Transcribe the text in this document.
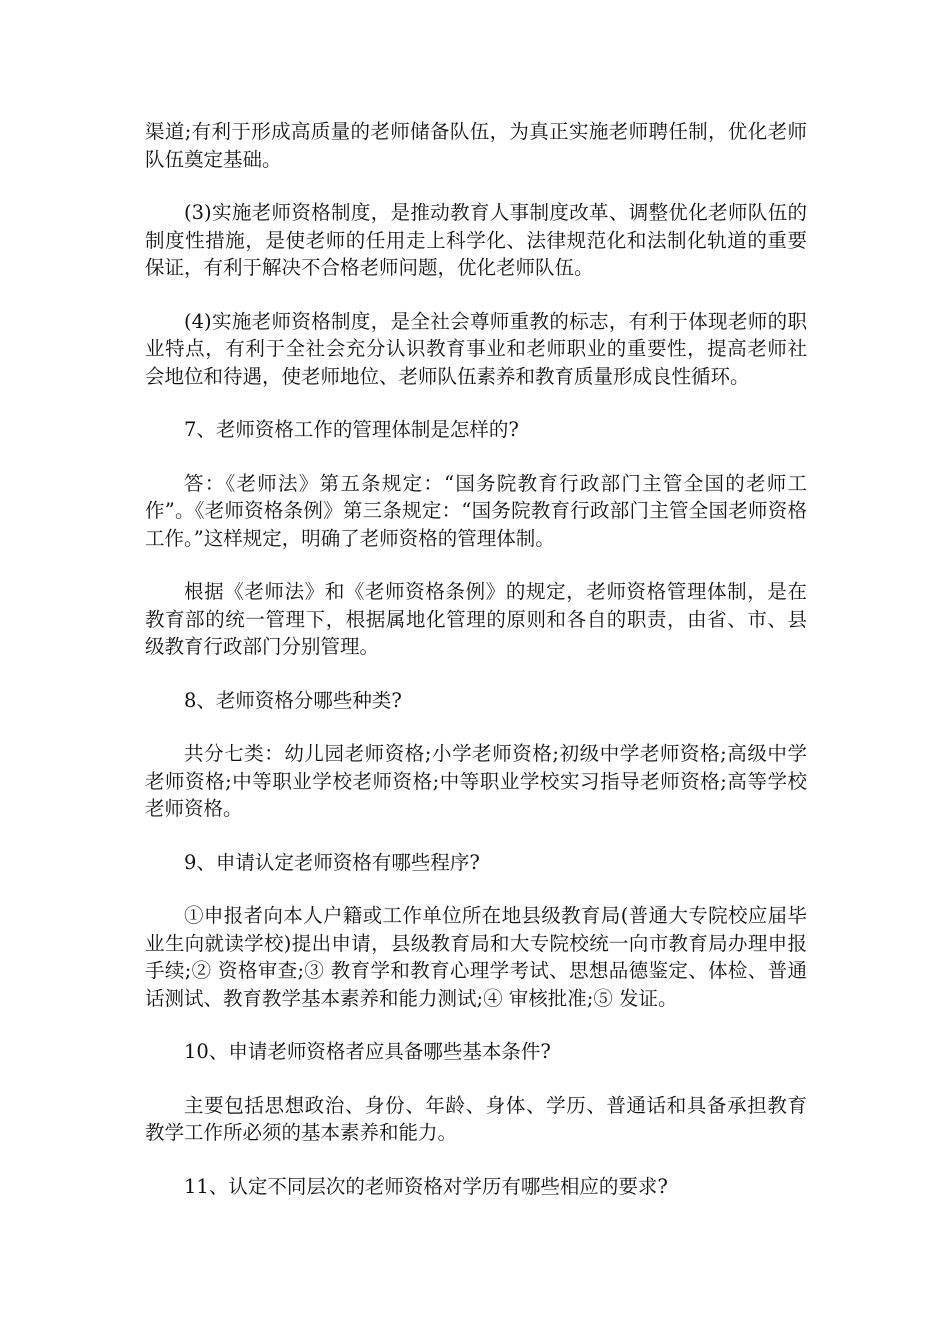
渠道;有利于形成高质量的老师储备队伍，为真正实施老师聘任制，优化老师队伍奠定基础。

(3)实施老师资格制度，是推动教育人事制度改革、调整优化老师队伍的制度性措施，是使老师的任用走上科学化、法律规范化和法制化轨道的重要保证，有利于解决不合格老师问题，优化老师队伍。

(4)实施老师资格制度，是全社会尊师重教的标志，有利于体现老师的职业特点，有利于全社会充分认识教育事业和老师职业的重要性，提高老师社会地位和待遇，使老师地位、老师队伍素养和教育质量形成良性循环。

7、老师资格工作的管理体制是怎样的?

答：《老师法》第五条规定：“国务院教育行政部门主管全国的老师工作”。《老师资格条例》第三条规定：“国务院教育行政部门主管全国老师资格工作。”这样规定，明确了老师资格的管理体制。

根据《老师法》和《老师资格条例》的规定，老师资格管理体制，是在教育部的统一管理下，根据属地化管理的原则和各自的职责，由省、市、县级教育行政部门分别管理。

8、老师资格分哪些种类?

共分七类：幼儿园老师资格;小学老师资格;初级中学老师资格;高级中学老师资格;中等职业学校老师资格;中等职业学校实习指导老师资格;高等学校老师资格。

9、申请认定老师资格有哪些程序?

①申报者向本人户籍或工作单位所在地县级教育局(普通大专院校应届毕业生向就读学校)提出申请，县级教育局和大专院校统一向市教育局办理申报手续;② 资格审查;③ 教育学和教育心理学考试、思想品德鉴定、体检、普通话测试、教育教学基本素养和能力测试;④ 审核批准;⑤ 发证。

10、申请老师资格者应具备哪些基本条件?

主要包括思想政治、身份、年龄、身体、学历、普通话和具备承担教育教学工作所必须的基本素养和能力。

11、认定不同层次的老师资格对学历有哪些相应的要求?
